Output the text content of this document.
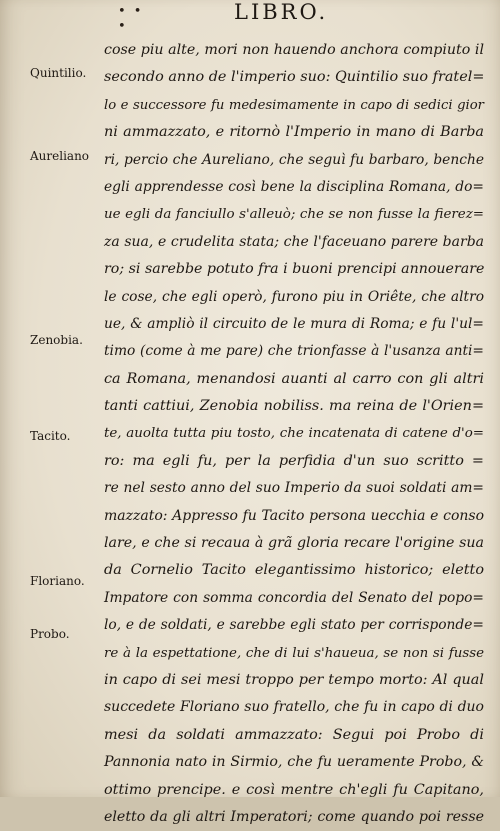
• • •
LIBRO.
Quintilio.
Aureliano
Zenobia.
Tacito.
Floriano.
Probo.
cose piu alte, mori non hauendo anchora compiuto il
secondo anno de l'imperio suo: Quintilio suo fratel=
lo e successore fu medesimamente in capo di sedici gior
ni ammazzato, e ritornò l'Imperio in mano di Barba
ri, percio che Aureliano, che seguì fu barbaro, benche
egli apprendesse così bene la disciplina Romana, do=
ue egli da fanciullo s'alleuò; che se non fusse la fierez=
za sua, e crudelita stata; che l'faceuano parere barba
ro; si sarebbe potuto fra i buoni prencipi annouerare
le cose, che egli operò, furono piu in Oriête, che altro
ue, & ampliò il circuito de le mura di Roma; e fu l'ul=
timo (come à me pare) che trionfasse à l'usanza anti=
ca Romana, menandosi auanti al carro con gli altri
tanti cattiui, Zenobia nobiliss. ma reina de l'Orien=
te, auolta tutta piu tosto, che incatenata di catene d'o=
ro: ma egli fu, per la perfidia d'un suo scritto =
re nel sesto anno del suo Imperio da suoi soldati am=
mazzato: Appresso fu Tacito persona uecchia e conso
lare, e che si recaua à grã gloria recare l'origine sua
da Cornelio Tacito elegantissimo historico; eletto
Impatore con somma concordia del Senato del popo=
lo, e de soldati, e sarebbe egli stato per corrisponde=
re à la espettatione, che di lui s'haueua, se non si fusse
in capo di sei mesi troppo per tempo morto: Al qual
succedete Floriano suo fratello, che fu in capo di duo
mesi da soldati ammazzato: Segui poi Probo di
Pannonia nato in Sirmio, che fu ueramente Probo, &
ottimo prencipe. e così mentre ch'egli fu Capitano,
eletto da gli altri Imperatori; come quando poi resse
